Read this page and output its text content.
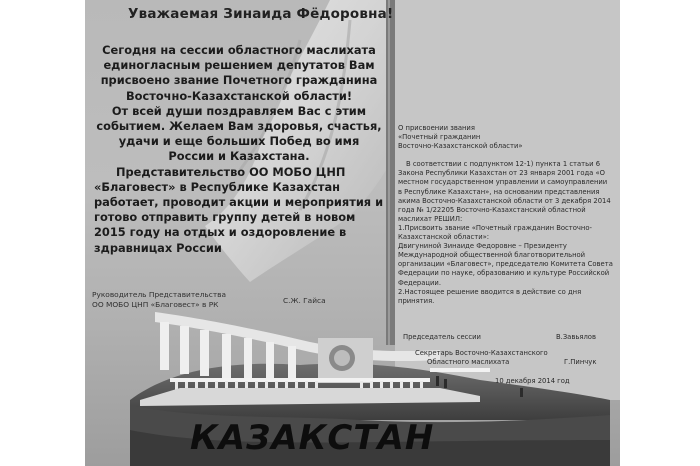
Уважаемая Зинаида Фёдоровна!

Сегодня на сессии областного маслихата единогласным решением депутатов Вам присвоено звание Почетного гражданина Восточно-Казахстанской области!

От всей души поздравляем Вас с этим событием. Желаем Вам здоровья, счастья, удачи и еще больших Побед во имя России и Казахстана.

Представительство ОО МОБО ЦНП «Благовест» в Республике Казахстан работает, проводит акции и мероприятия и готово отправить группу детей в новом 2015 году на отдых и оздоровление в здравницах России

Руководитель Представительства
ОО МОБО ЦНП «Благовест» в РК	С.Ж. Гайса
О присвоении звания
«Почетный гражданин
Восточно-Казахстанской области»

В соответствии с подпунктом 12-1) пункта 1 статьи 6 Закона Республики Казахстан от 23 января 2001 года «О местном государственном управлении и самоуправлении в Республике Казахстан», на основании представления акима Восточно-Казахстанской области от 3 декабря 2014 года № 1/22205 Восточно-Казахстанский областной маслихат РЕШИЛ:

1.Присвоить звание «Почетный гражданин Восточно-Казахстанской области»:

Двигуниной Зинаиде Федоровне – Президенту Международной общественной благотворительной организации «Благовест», председателю Комитета Совета Федерации по науке, образованию и культуре Российской Федерации.

2.Настоящее решение вводится в действие со дня принятия.

Председатель сессии	В.Завьялов
Секретарь Восточно-Казахстанского
Областного маслихата	Г.Пинчук
10 декабря 2014 год
КАЗАКСТАН
